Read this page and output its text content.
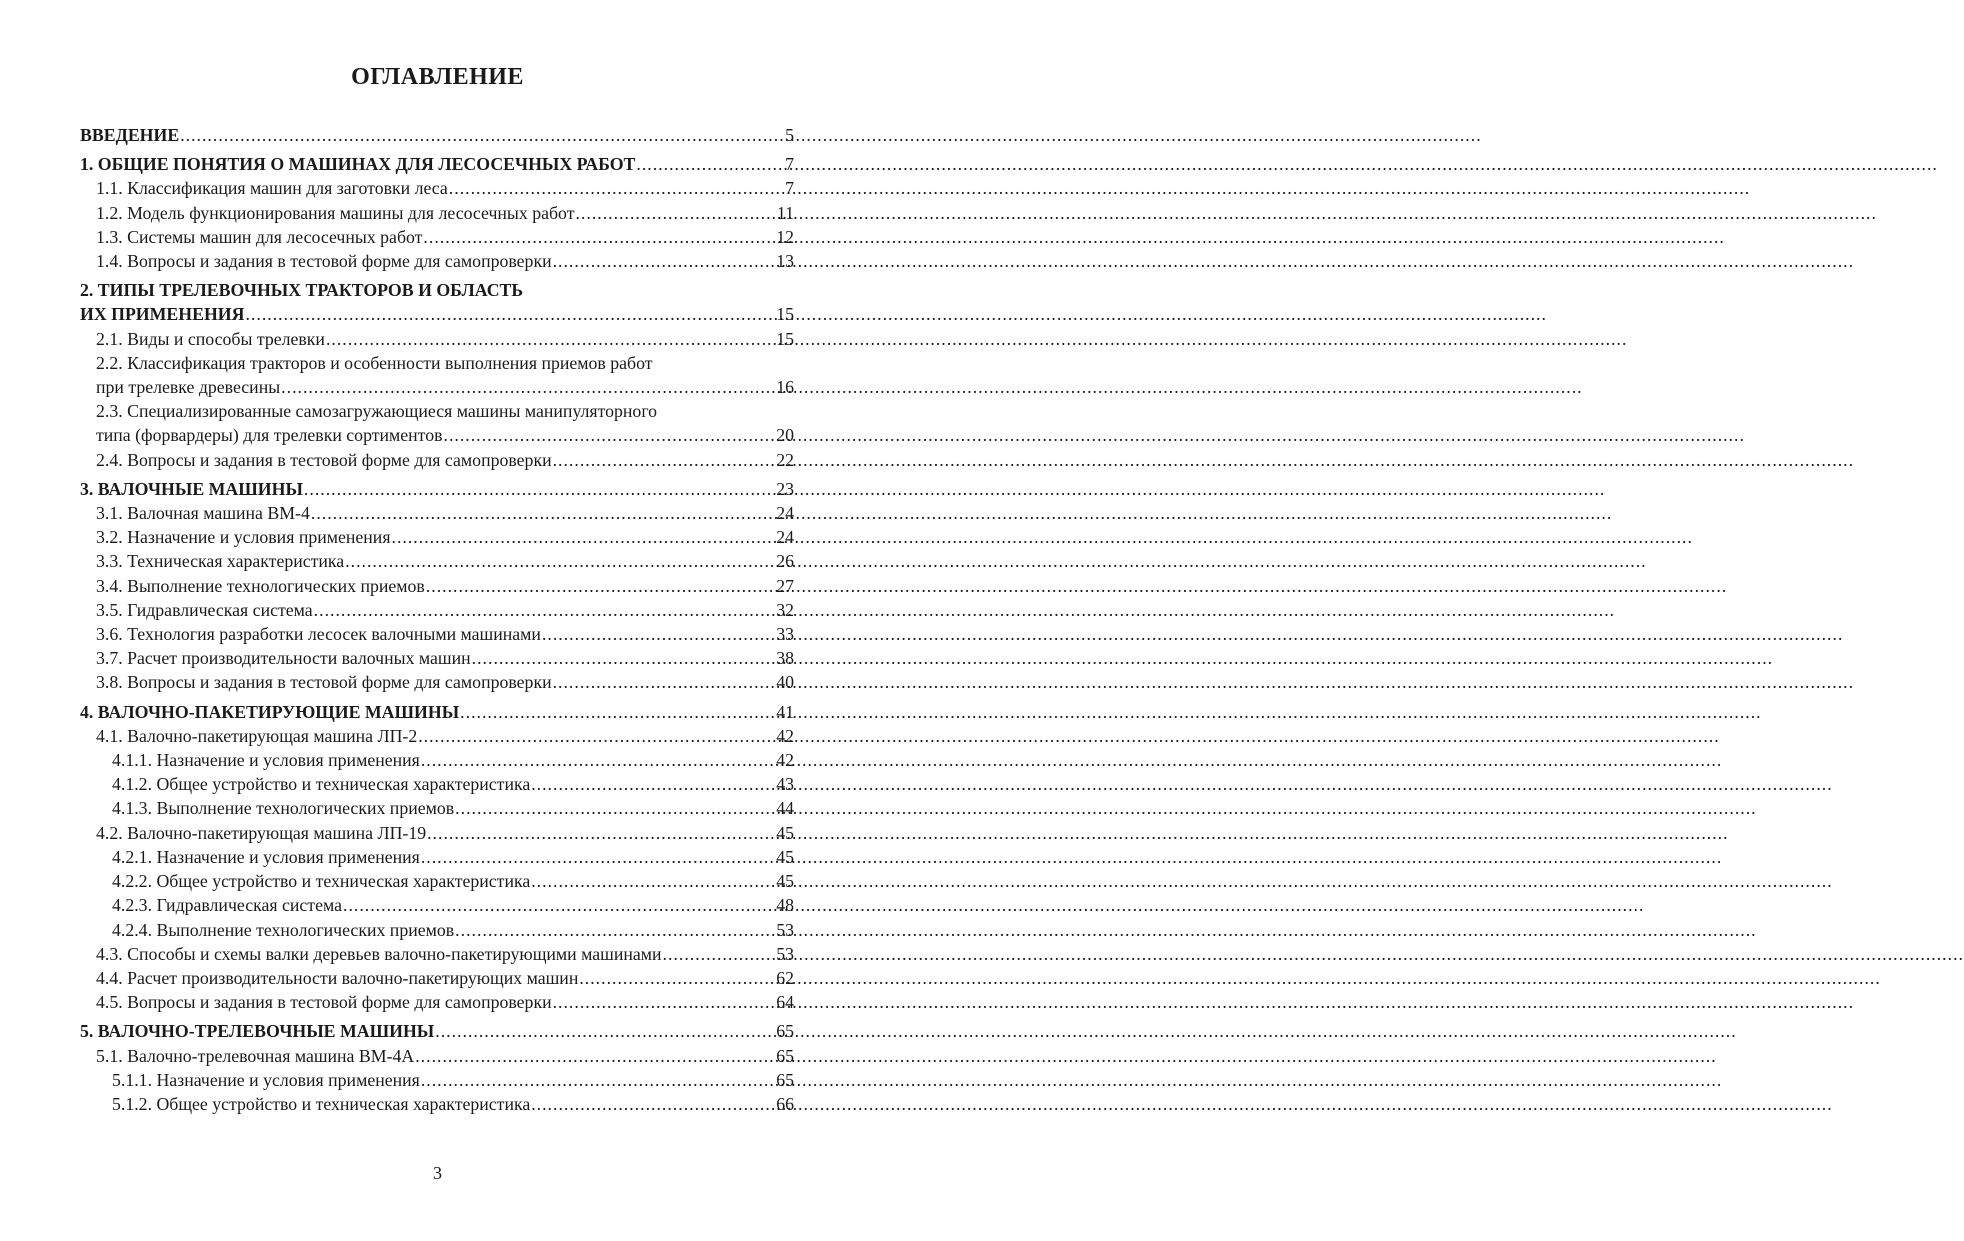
ОГЛАВЛЕНИЕ
ВВЕДЕНИЕ .....	5
1. ОБЩИЕ ПОНЯТИЯ О МАШИНАХ ДЛЯ ЛЕСОСЕЧНЫХ РАБОТ .....	7
1.1. Классификация машин для заготовки леса .....	7
1.2. Модель функционирования машины для лесосечных работ .....	11
1.3. Системы машин для лесосечных работ .....	12
1.4. Вопросы и задания в тестовой форме для самопроверки .....	13
2. ТИПЫ ТРЕЛЕВОЧНЫХ ТРАКТОРОВ И ОБЛАСТЬ
ИХ ПРИМЕНЕНИЯ .....	15
2.1. Виды и способы трелевки .....	15
2.2. Классификация тракторов и особенности выполнения приемов работ
при трелевке древесины .....	16
2.3. Специализированные самозагружающиеся машины манипуляторного
типа (форвардеры) для трелевки сортиментов .....	20
2.4. Вопросы и задания в тестовой форме для самопроверки .....	22
3. ВАЛОЧНЫЕ МАШИНЫ .....	23
3.1. Валочная машина ВМ-4 .....	24
3.2. Назначение и условия применения .....	24
3.3. Техническая характеристика .....	26
3.4. Выполнение технологических приемов .....	27
3.5. Гидравлическая система .....	32
3.6. Технология разработки лесосек валочными машинами .....	33
3.7. Расчет производительности валочных машин .....	38
3.8. Вопросы и задания в тестовой форме для самопроверки .....	40
4. ВАЛОЧНО-ПАКЕТИРУЮЩИЕ МАШИНЫ .....	41
4.1. Валочно-пакетирующая машина ЛП-2 .....	42
4.1.1. Назначение и условия применения .....	42
4.1.2. Общее устройство и техническая характеристика .....	43
4.1.3. Выполнение технологических приемов .....	44
4.2. Валочно-пакетирующая машина ЛП-19 .....	45
4.2.1. Назначение и условия применения .....	45
4.2.2. Общее устройство и техническая характеристика .....	45
4.2.3. Гидравлическая система .....	48
4.2.4. Выполнение технологических приемов .....	53
4.3. Способы и схемы валки деревьев валочно-пакетирующими машинами .....	53
4.4. Расчет производительности валочно-пакетирующих машин .....	62
4.5. Вопросы и задания в тестовой форме для самопроверки .....	64
5. ВАЛОЧНО-ТРЕЛЕВОЧНЫЕ МАШИНЫ .....	65
5.1. Валочно-трелевочная машина ВМ-4А .....	65
5.1.1. Назначение и условия применения .....	65
5.1.2. Общее устройство и техническая характеристика .....	66
3
